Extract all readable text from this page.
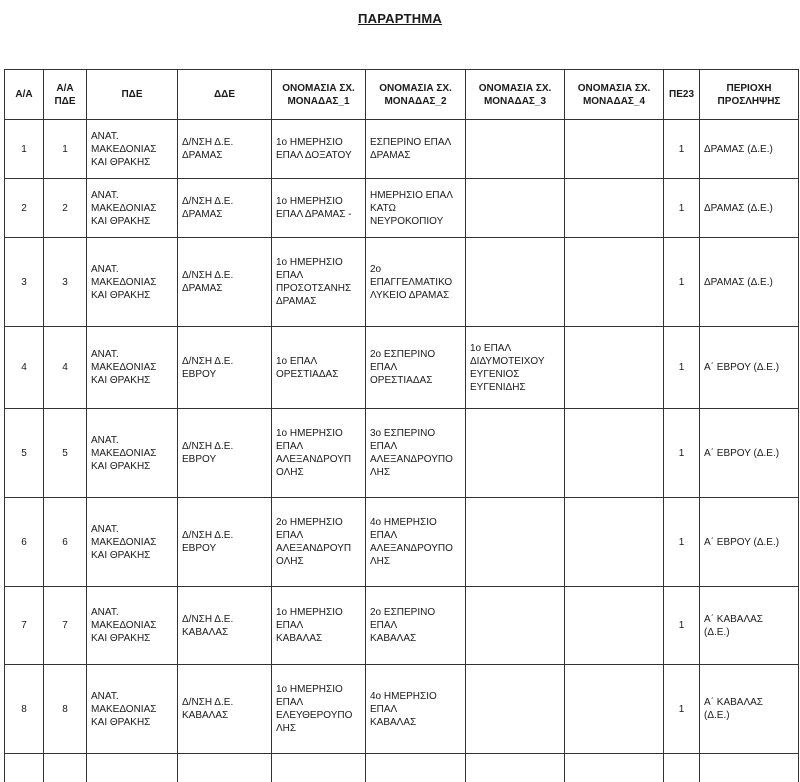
ΠΑΡΑΡΤΗΜΑ
Α/Α	Α/Α
ΠΔΕ	ΠΔΕ	ΔΔΕ	ΟΝΟΜΑΣΙΑ ΣΧ.
ΜΟΝΑΔΑΣ_1	ΟΝΟΜΑΣΙΑ ΣΧ.
ΜΟΝΑΔΑΣ_2	ΟΝΟΜΑΣΙΑ ΣΧ.
ΜΟΝΑΔΑΣ_3	ΟΝΟΜΑΣΙΑ ΣΧ.
ΜΟΝΑΔΑΣ_4	ΠΕ23	ΠΕΡΙΟΧΗ
ΠΡΟΣΛΗΨΗΣ

1	1	ΑΝΑΤ.
ΜΑΚΕΔΟΝΙΑΣ
ΚΑΙ ΘΡΑΚΗΣ	Δ/ΝΣΗ Δ.Ε.
ΔΡΑΜΑΣ	1ο ΗΜΕΡΗΣΙΟ
ΕΠΑΛ ΔΟΞΑΤΟΥ	ΕΣΠΕΡΙΝΟ ΕΠΑΛ
ΔΡΑΜΑΣ			1	ΔΡΑΜΑΣ (Δ.Ε.)

2	2	ΑΝΑΤ.
ΜΑΚΕΔΟΝΙΑΣ
ΚΑΙ ΘΡΑΚΗΣ	Δ/ΝΣΗ Δ.Ε.
ΔΡΑΜΑΣ	1ο ΗΜΕΡΗΣΙΟ
ΕΠΑΛ ΔΡΑΜΑΣ -	ΗΜΕΡΗΣΙΟ ΕΠΑΛ
ΚΑΤΩ
ΝΕΥΡΟΚΟΠΙΟΥ			1	ΔΡΑΜΑΣ (Δ.Ε.)

3	3	ΑΝΑΤ.
ΜΑΚΕΔΟΝΙΑΣ
ΚΑΙ ΘΡΑΚΗΣ	Δ/ΝΣΗ Δ.Ε.
ΔΡΑΜΑΣ	1ο ΗΜΕΡΗΣΙΟ
ΕΠΑΛ
ΠΡΟΣΟΤΣΑΝΗΣ
ΔΡΑΜΑΣ	2ο
ΕΠΑΓΓΕΛΜΑΤΙΚΟ
ΛΥΚΕΙΟ ΔΡΑΜΑΣ			1	ΔΡΑΜΑΣ (Δ.Ε.)

4	4	ΑΝΑΤ.
ΜΑΚΕΔΟΝΙΑΣ
ΚΑΙ ΘΡΑΚΗΣ	Δ/ΝΣΗ Δ.Ε.
ΕΒΡΟΥ	1ο ΕΠΑΛ
ΟΡΕΣΤΙΑΔΑΣ	2ο ΕΣΠΕΡΙΝΟ
ΕΠΑΛ
ΟΡΕΣΤΙΑΔΑΣ	1ο ΕΠΑΛ
ΔΙΔΥΜΟΤΕΙΧΟΥ
ΕΥΓΕΝΙΟΣ
ΕΥΓΕΝΙΔΗΣ		1	Α΄ ΕΒΡΟΥ (Δ.Ε.)

5	5	ΑΝΑΤ.
ΜΑΚΕΔΟΝΙΑΣ
ΚΑΙ ΘΡΑΚΗΣ	Δ/ΝΣΗ Δ.Ε.
ΕΒΡΟΥ	1ο ΗΜΕΡΗΣΙΟ
ΕΠΑΛ
ΑΛΕΞΑΝΔΡΟΥΠ
ΟΛΗΣ	3ο ΕΣΠΕΡΙΝΟ
ΕΠΑΛ
ΑΛΕΞΑΝΔΡΟΥΠΟ
ΛΗΣ			1	Α΄ ΕΒΡΟΥ (Δ.Ε.)

6	6	ΑΝΑΤ.
ΜΑΚΕΔΟΝΙΑΣ
ΚΑΙ ΘΡΑΚΗΣ	Δ/ΝΣΗ Δ.Ε.
ΕΒΡΟΥ	2ο ΗΜΕΡΗΣΙΟ
ΕΠΑΛ
ΑΛΕΞΑΝΔΡΟΥΠ
ΟΛΗΣ	4ο ΗΜΕΡΗΣΙΟ
ΕΠΑΛ
ΑΛΕΞΑΝΔΡΟΥΠΟ
ΛΗΣ			1	Α΄ ΕΒΡΟΥ (Δ.Ε.)

7	7	ΑΝΑΤ.
ΜΑΚΕΔΟΝΙΑΣ
ΚΑΙ ΘΡΑΚΗΣ	Δ/ΝΣΗ Δ.Ε.
ΚΑΒΑΛΑΣ	1ο ΗΜΕΡΗΣΙΟ
ΕΠΑΛ
ΚΑΒΑΛΑΣ	2ο ΕΣΠΕΡΙΝΟ
ΕΠΑΛ
ΚΑΒΑΛΑΣ			1	Α΄ ΚΑΒΑΛΑΣ
(Δ.Ε.)

8	8	ΑΝΑΤ.
ΜΑΚΕΔΟΝΙΑΣ
ΚΑΙ ΘΡΑΚΗΣ	Δ/ΝΣΗ Δ.Ε.
ΚΑΒΑΛΑΣ	1ο ΗΜΕΡΗΣΙΟ
ΕΠΑΛ
ΕΛΕΥΘΕΡΟΥΠΟ
ΛΗΣ	4ο ΗΜΕΡΗΣΙΟ
ΕΠΑΛ
ΚΑΒΑΛΑΣ			1	Α΄ ΚΑΒΑΛΑΣ
(Δ.Ε.)
